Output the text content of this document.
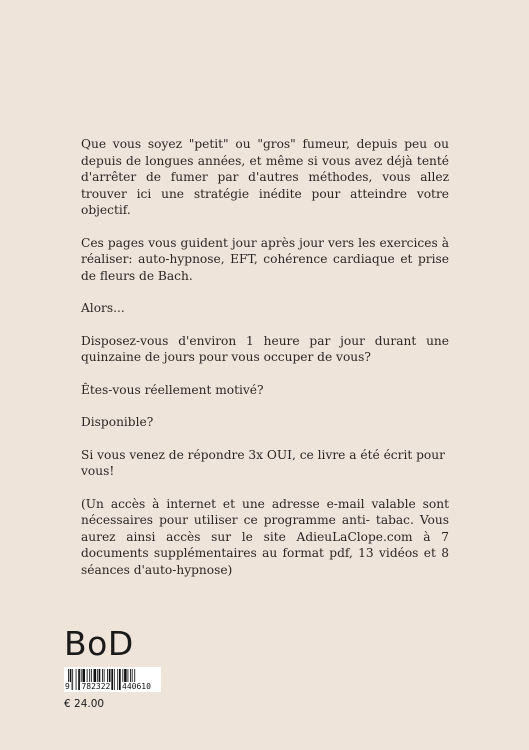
Que vous soyez "petit" ou "gros" fumeur, depuis peu ou depuis de longues années, et même si vous avez déjà tenté d'arrêter de fumer par d'autres méthodes, vous allez trouver ici une stratégie inédite pour atteindre votre objectif.

Ces pages vous guident jour après jour vers les exercices à réaliser: auto-hypnose, EFT, cohérence cardiaque et prise de fleurs de Bach.

Alors...

Disposez-vous d'environ 1 heure par jour durant une quinzaine de jours pour vous occuper de vous?

Êtes-vous réellement motivé?

Disponible?

Si vous venez de répondre 3x OUI, ce livre a été écrit pour vous!

(Un accès à internet et une adresse e-mail valable sont nécessaires pour utiliser ce programme anti- tabac. Vous aurez ainsi accès sur le site AdieuLaClope.com à 7 documents supplémentaires au format pdf, 13 vidéos et 8 séances d'auto-hypnose)

BoD
9 782322 440610
€ 24.00
